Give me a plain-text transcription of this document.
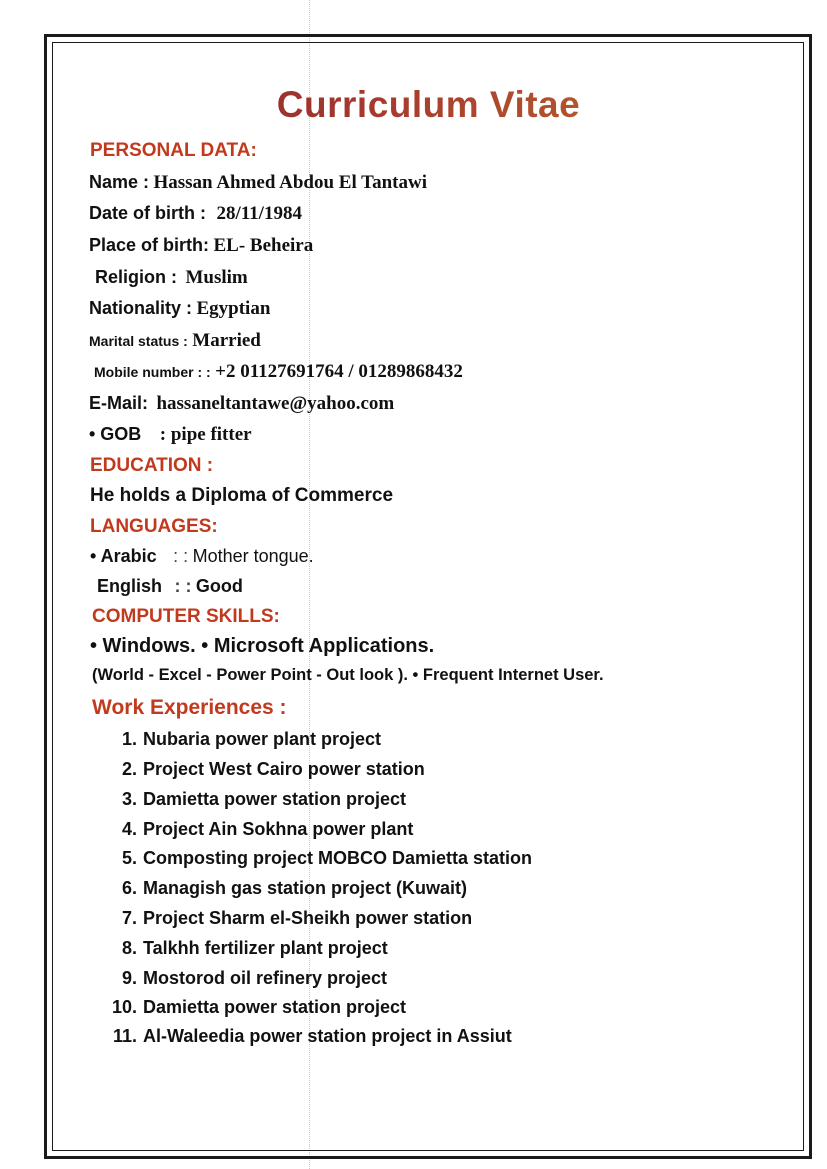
Curriculum Vitae
PERSONAL DATA:
Name : Hassan Ahmed Abdou El Tantawi
Date of birth : 28/11/1984
Place of birth: EL- Beheira
Religion : Muslim
Nationality : Egyptian
Marital status : Married
Mobile number : : +2 01127691764 / 01289868432
E-Mail: hassaneltantawe@yahoo.com
• GOB : pipe fitter
EDUCATION :
He holds a Diploma of Commerce
LANGUAGES:
• Arabic : : Mother tongue.
English : : Good
COMPUTER SKILLS:
• Windows. • Microsoft Applications.
(World - Excel - Power Point - Out look ). • Frequent Internet User.
Work Experiences :
1. Nubaria power plant project
2. Project West Cairo power station
3. Damietta power station project
4. Project Ain Sokhna power plant
5. Composting project MOBCO Damietta station
6. Managish gas station project (Kuwait)
7. Project Sharm el-Sheikh power station
8. Talkhh fertilizer plant project
9. Mostorod oil refinery project
10. Damietta power station project
11. Al-Waleedia power station project in Assiut
